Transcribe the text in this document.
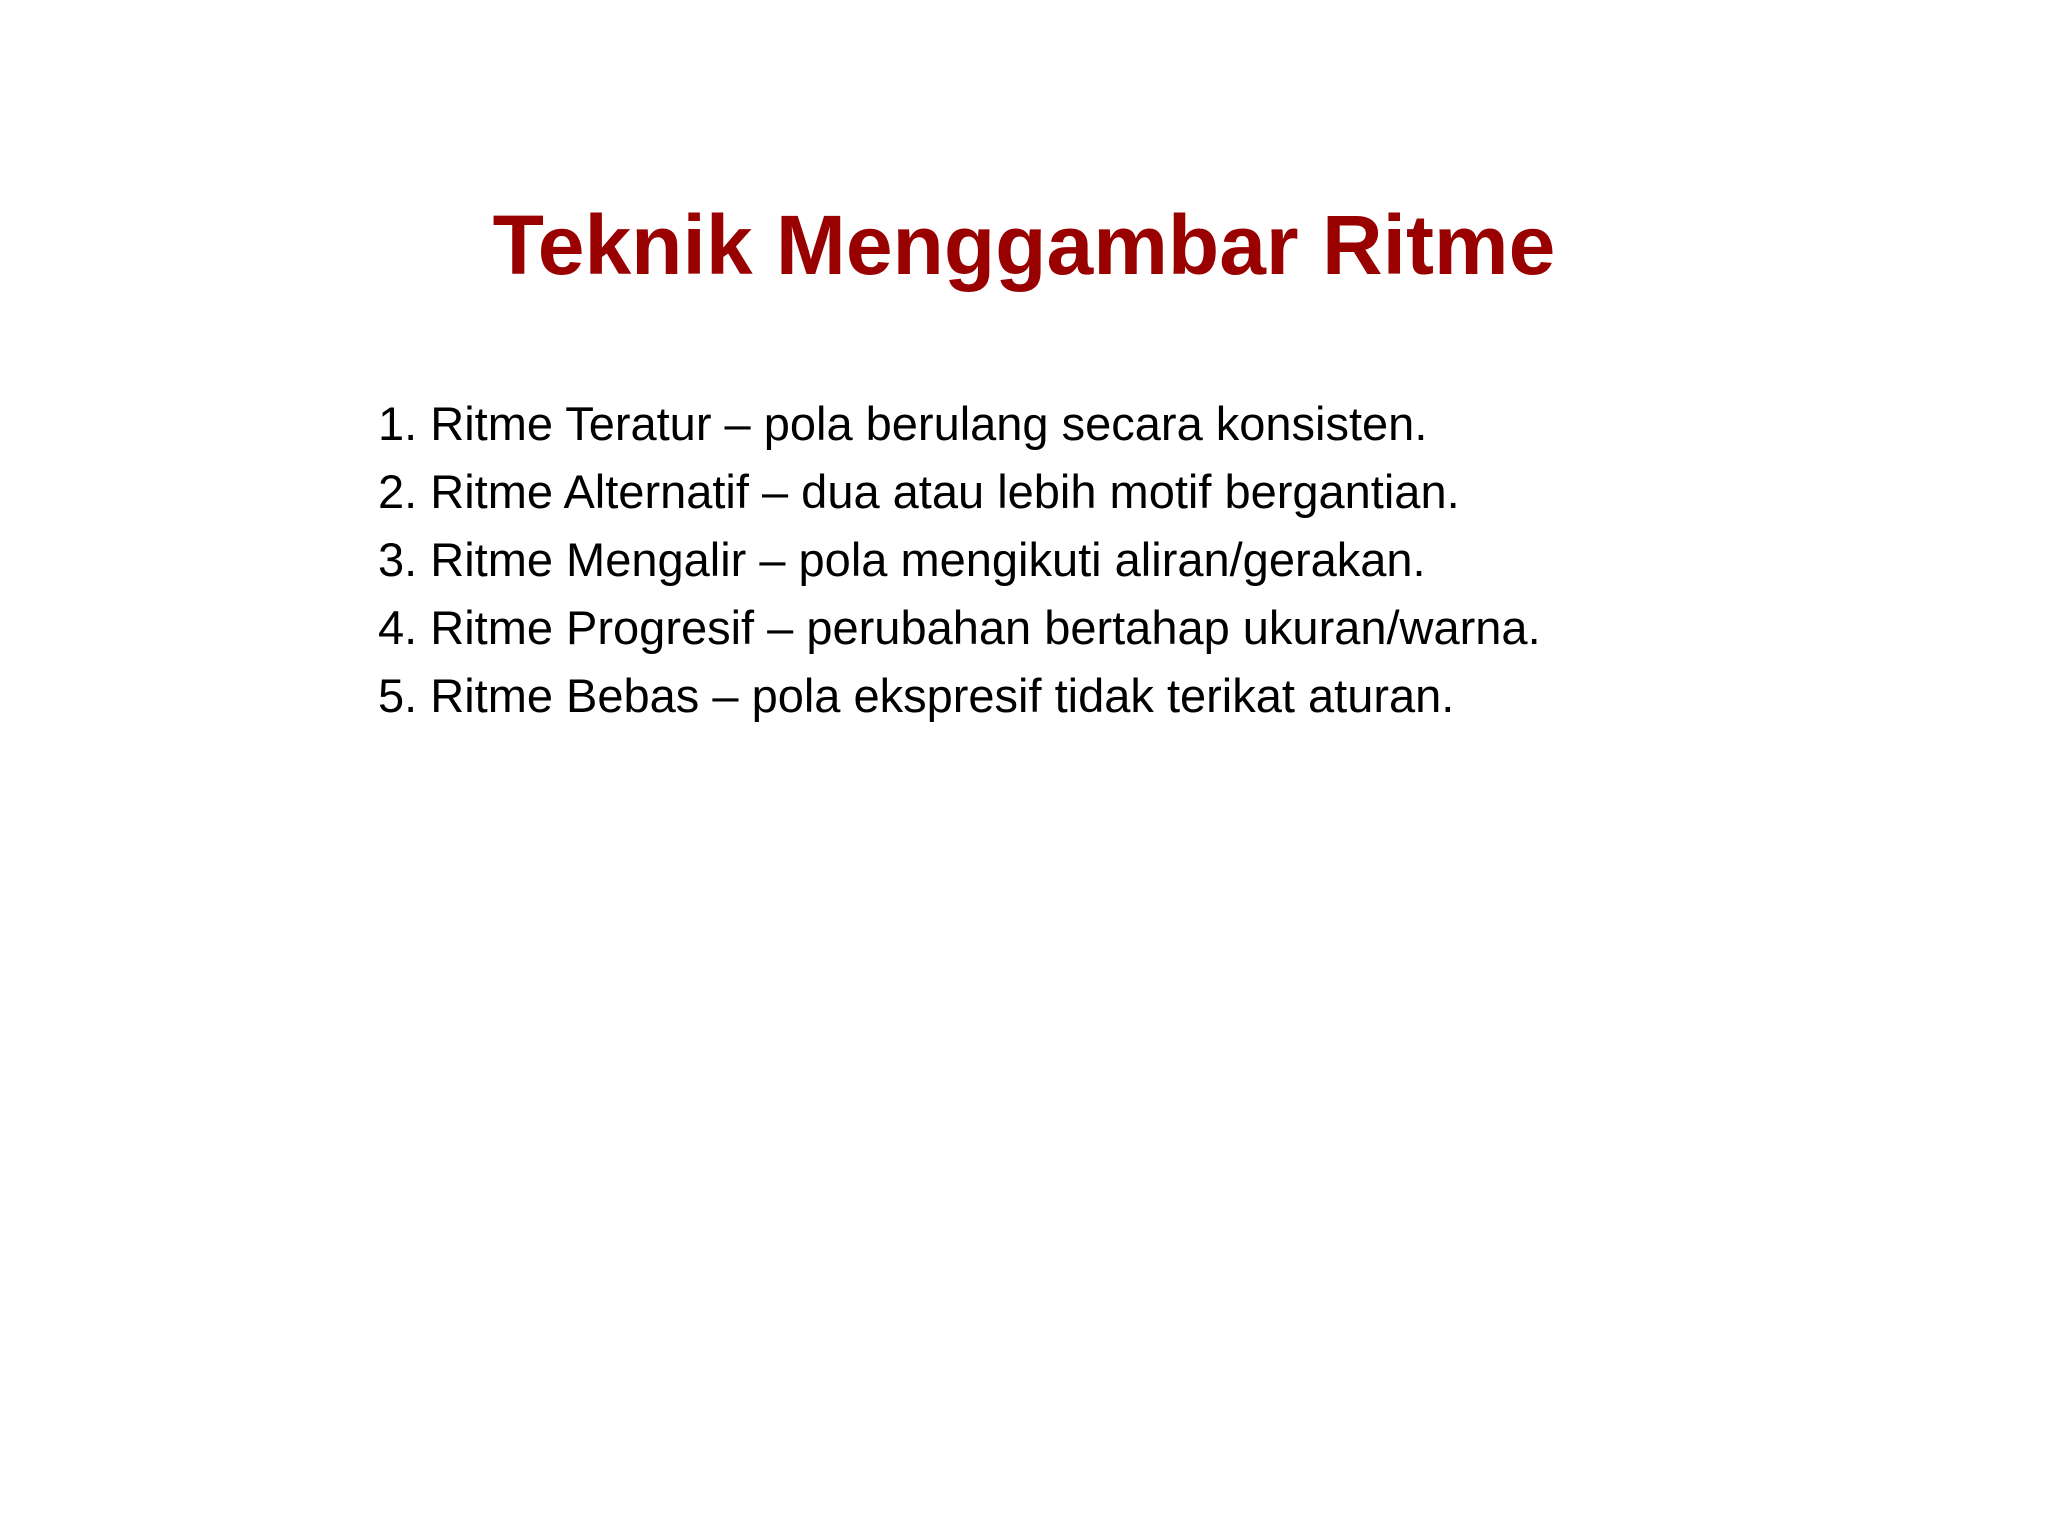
Teknik Menggambar Ritme
1. Ritme Teratur – pola berulang secara konsisten.
2. Ritme Alternatif – dua atau lebih motif bergantian.
3. Ritme Mengalir – pola mengikuti aliran/gerakan.
4. Ritme Progresif – perubahan bertahap ukuran/warna.
5. Ritme Bebas – pola ekspresif tidak terikat aturan.
